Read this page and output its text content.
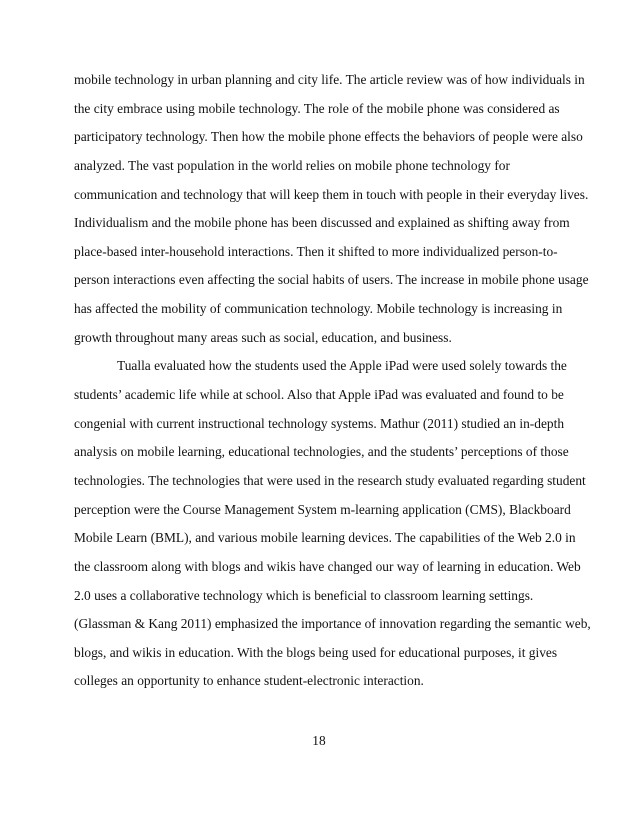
mobile technology in urban planning and city life. The article review was of how individuals in
the city embrace using mobile technology. The role of the mobile phone was considered as
participatory technology. Then how the mobile phone effects the behaviors of people were also
analyzed. The vast population in the world relies on mobile phone technology for
communication and technology that will keep them in touch with people in their everyday lives.
Individualism and the mobile phone has been discussed and explained as shifting away from
place-based inter-household interactions. Then it shifted to more individualized person-to-
person interactions even affecting the social habits of users. The increase in mobile phone usage
has affected the mobility of communication technology. Mobile technology is increasing in
growth throughout many areas such as social, education, and business.
Tualla evaluated how the students used the Apple iPad were used solely towards the
students’ academic life while at school. Also that Apple iPad was evaluated and found to be
congenial with current instructional technology systems. Mathur (2011) studied an in-depth
analysis on mobile learning, educational technologies, and the students’ perceptions of those
technologies. The technologies that were used in the research study evaluated regarding student
perception were the Course Management System m-learning application (CMS), Blackboard
Mobile Learn (BML), and various mobile learning devices. The capabilities of the Web 2.0 in
the classroom along with blogs and wikis have changed our way of learning in education. Web
2.0 uses a collaborative technology which is beneficial to classroom learning settings.
(Glassman & Kang 2011) emphasized the importance of innovation regarding the semantic web,
blogs, and wikis in education. With the blogs being used for educational purposes, it gives
colleges an opportunity to enhance student-electronic interaction.
18
